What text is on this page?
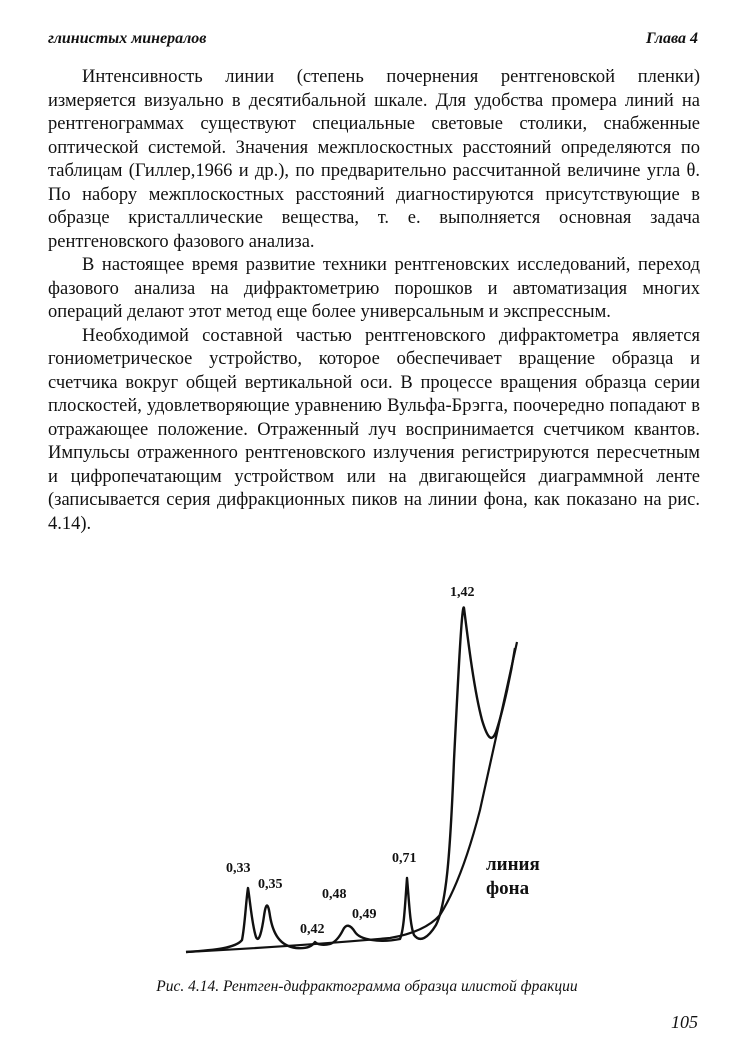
глинистых минералов	Глава 4

Интенсивность линии (степень почернения рентгеновской пленки) измеряется визуально в десятибальной шкале. Для удобства промера линий на рентгенограммах существуют специальные световые столики, снабженные оптической системой. Значения межплоскостных расстояний определяются по таблицам (Гиллер,1966 и др.), по предварительно рассчитанной величине угла θ. По набору межплоскостных расстояний диагностируются присутствующие в образце кристаллические вещества, т. е. выполняется основная задача рентгеновского фазового анализа.

В настоящее время развитие техники рентгеновских исследований, переход фазового анализа на дифрактометрию порошков и автоматизация многих операций делают этот метод еще более универсальным и экспрессным.

Необходимой составной частью рентгеновского дифрактометра является гониометрическое устройство, которое обеспечивает вращение образца и счетчика вокруг общей вертикальной оси. В процессе вращения образца серии плоскостей, удовлетворяющие уравнению Вульфа-Брэгга, поочередно попадают в отражающее положение. Отраженный луч воспринимается счетчиком квантов. Импульсы отраженного рентгеновского излучения регистрируются пересчетным и цифропечатающим устройством или на двигающейся диаграммной ленте (записывается серия дифракционных пиков на линии фона, как показано на рис. 4.14).

0,33
0,35
0,42
0,48
0,49
0,71
1,42
линия
фона
Рис. 4.14. Рентген-дифрактограмма образца илистой фракции
105
